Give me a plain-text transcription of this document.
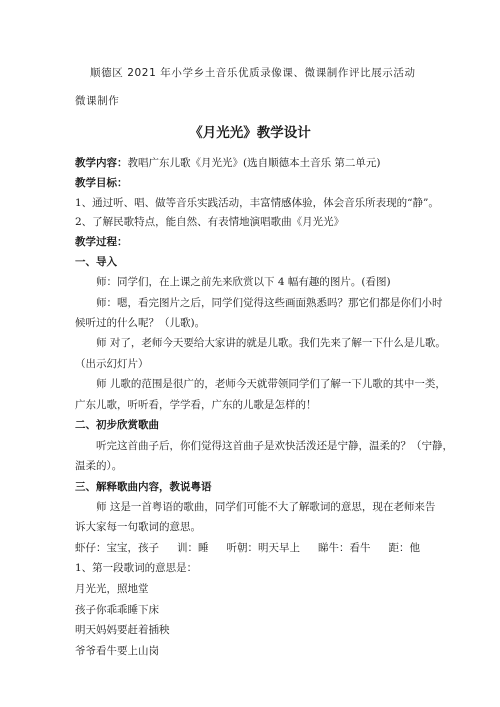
顺德区 2021 年小学乡土音乐优质录像课、微课制作评比展示活动
微课制作
《月光光》教学设计
教学内容：教唱广东儿歌《月光光》(选自顺德本土音乐 第二单元)
教学目标：
1、通过听、唱、做等音乐实践活动，丰富情感体验，体会音乐所表现的“静”。
2、了解民歌特点，能自然、有表情地演唱歌曲《月光光》
教学过程：
一、导入
师：同学们，在上课之前先来欣赏以下 4 幅有趣的图片。(看图)
师：嗯，看完图片之后，同学们觉得这些画面熟悉吗？那它们都是你们小时
候听过的什么呢？（儿歌)。
师 对了，老师今天要给大家讲的就是儿歌。我们先来了解一下什么是儿歌。
（出示幻灯片）
师 儿歌的范围是很广的，老师今天就带领同学们了解一下儿歌的其中一类，
广东儿歌，听听看，学学看，广东的儿歌是怎样的！
二、初步欣赏歌曲
听完这首曲子后，你们觉得这首曲子是欢快活泼还是宁静，温柔的？（宁静，
温柔的）。
三、解释歌曲内容，教说粤语
师 这是一首粤语的歌曲，同学们可能不大了解歌词的意思，现在老师来告
诉大家每一句歌词的意思。
虾仔：宝宝，孩子 训：睡 听朝：明天早上 睇牛：看牛 距：他
1、第一段歌词的意思是：
月光光，照地堂
孩子你乖乖睡下床
明天妈妈要赶着插秧
爷爷看牛要上山岗
